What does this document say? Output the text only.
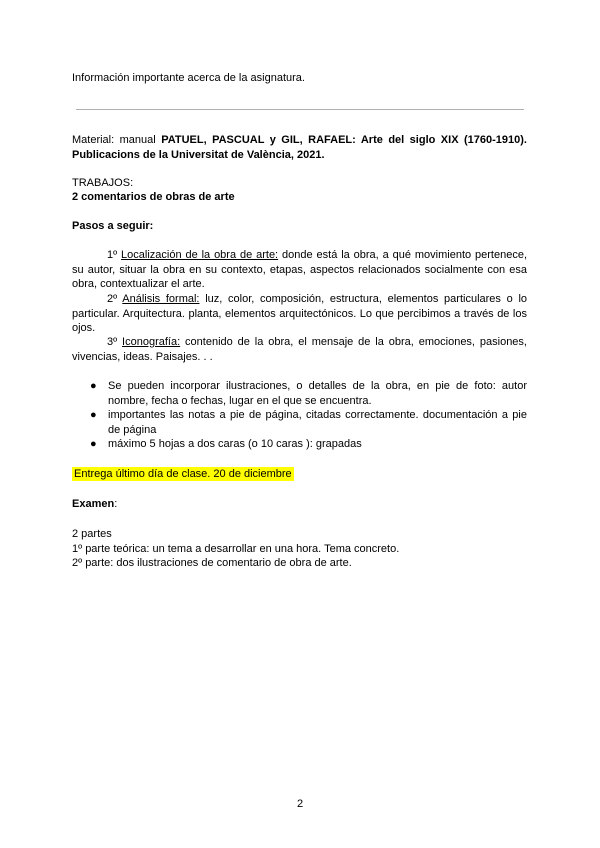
Información importante acerca de la asignatura.
Material: manual PATUEL, PASCUAL y GIL, RAFAEL: Arte del siglo XIX (1760-1910). Publicacions de la Universitat de València, 2021.
TRABAJOS:
2 comentarios de obras de arte
Pasos a seguir:
1º Localización de la obra de arte: donde está la obra, a qué movimiento pertenece, su autor, situar la obra en su contexto, etapas, aspectos relacionados socialmente con esa obra, contextualizar el arte.
2º Análisis formal: luz, color, composición, estructura, elementos particulares o lo particular. Arquitectura. planta, elementos arquitectónicos. Lo que percibimos a través de los ojos.
3º Iconografía: contenido de la obra, el mensaje de la obra, emociones, pasiones, vivencias, ideas. Paisajes. . .
● Se pueden incorporar ilustraciones, o detalles de la obra, en pie de foto: autor nombre, fecha o fechas, lugar en el que se encuentra.
● importantes las notas a pie de página, citadas correctamente. documentación a pie de página
● máximo 5 hojas a dos caras (o 10 caras ): grapadas
Entrega último día de clase. 20 de diciembre
Examen:
2 partes
1º parte teórica: un tema a desarrollar en una hora. Tema concreto.
2º parte: dos ilustraciones de comentario de obra de arte.
2
